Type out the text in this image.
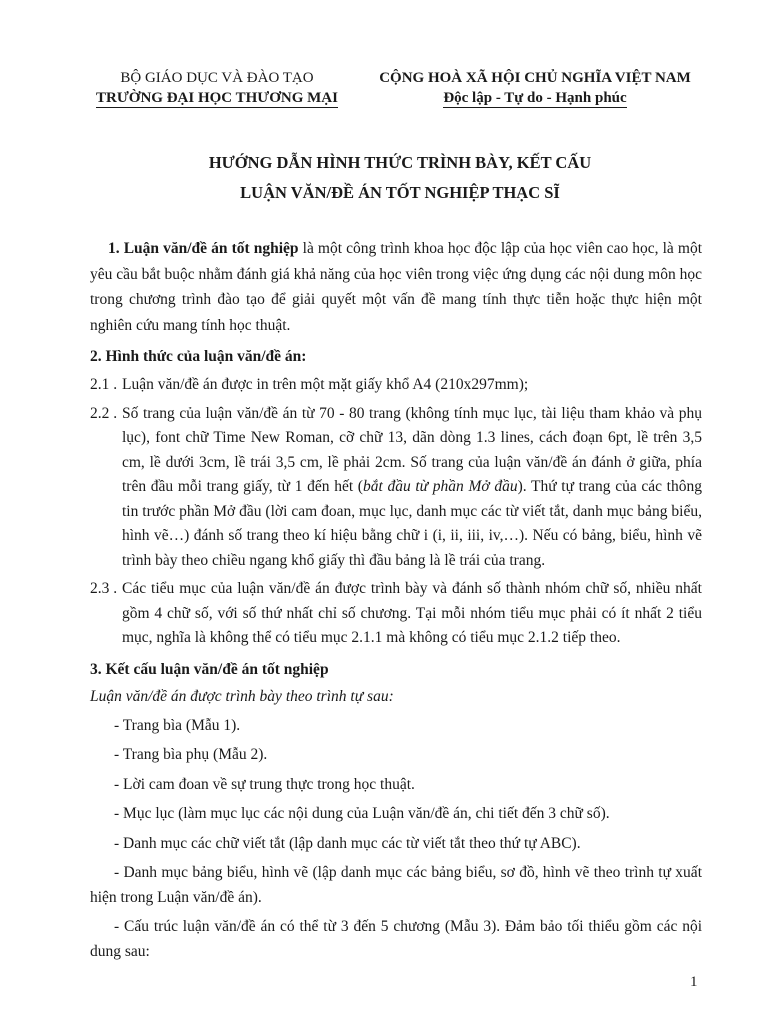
BỘ GIÁO DỤC VÀ ĐÀO TẠO
TRƯỜNG ĐẠI HỌC THƯƠNG MẠI
CỘNG HOÀ XÃ HỘI CHỦ NGHĨA VIỆT NAM
Độc lập - Tự do - Hạnh phúc
HƯỚNG DẪN HÌNH THỨC TRÌNH BÀY, KẾT CẤU
LUẬN VĂN/ĐỀ ÁN TỐT NGHIỆP THẠC SĨ

1. Luận văn/đề án tốt nghiệp là một công trình khoa học độc lập của học viên cao học, là một yêu cầu bắt buộc nhằm đánh giá khả năng của học viên trong việc ứng dụng các nội dung môn học trong chương trình đào tạo để giải quyết một vấn đề mang tính thực tiễn hoặc thực hiện một nghiên cứu mang tính học thuật.

2. Hình thức của luận văn/đề án:

2.1 . Luận văn/đề án được in trên một mặt giấy khổ A4 (210x297mm);
2.2 . Số trang của luận văn/đề án từ 70 - 80 trang (không tính mục lục, tài liệu tham khảo và phụ lục), font chữ Time New Roman, cỡ chữ 13, dãn dòng 1.3 lines, cách đoạn 6pt, lề trên 3,5 cm, lề dưới 3cm, lề trái 3,5 cm, lề phải 2cm. Số trang của luận văn/đề án đánh ở giữa, phía trên đầu mỗi trang giấy, từ 1 đến hết (bắt đầu từ phần Mở đầu). Thứ tự trang của các thông tin trước phần Mở đầu (lời cam đoan, mục lục, danh mục các từ viết tắt, danh mục bảng biểu, hình vẽ…) đánh số trang theo kí hiệu bằng chữ i (i, ii, iii, iv,…). Nếu có bảng, biểu, hình vẽ trình bày theo chiều ngang khổ giấy thì đầu bảng là lề trái của trang.
2.3 . Các tiểu mục của luận văn/đề án được trình bày và đánh số thành nhóm chữ số, nhiều nhất gồm 4 chữ số, với số thứ nhất chỉ số chương. Tại mỗi nhóm tiểu mục phải có ít nhất 2 tiểu mục, nghĩa là không thể có tiểu mục 2.1.1 mà không có tiểu mục 2.1.2 tiếp theo.

3. Kết cấu luận văn/đề án tốt nghiệp

Luận văn/đề án được trình bày theo trình tự sau:

- Trang bìa (Mẫu 1).

- Trang bìa phụ (Mẫu 2).

- Lời cam đoan về sự trung thực trong học thuật.

- Mục lục (làm mục lục các nội dung của Luận văn/đề án, chi tiết đến 3 chữ số).

- Danh mục các chữ viết tắt (lập danh mục các từ viết tắt theo thứ tự ABC).

- Danh mục bảng biểu, hình vẽ (lập danh mục các bảng biểu, sơ đồ, hình vẽ theo trình tự xuất hiện trong Luận văn/đề án).

- Cấu trúc luận văn/đề án có thể từ 3 đến 5 chương (Mẫu 3). Đảm bảo tối thiểu gồm các nội dung sau:

1
